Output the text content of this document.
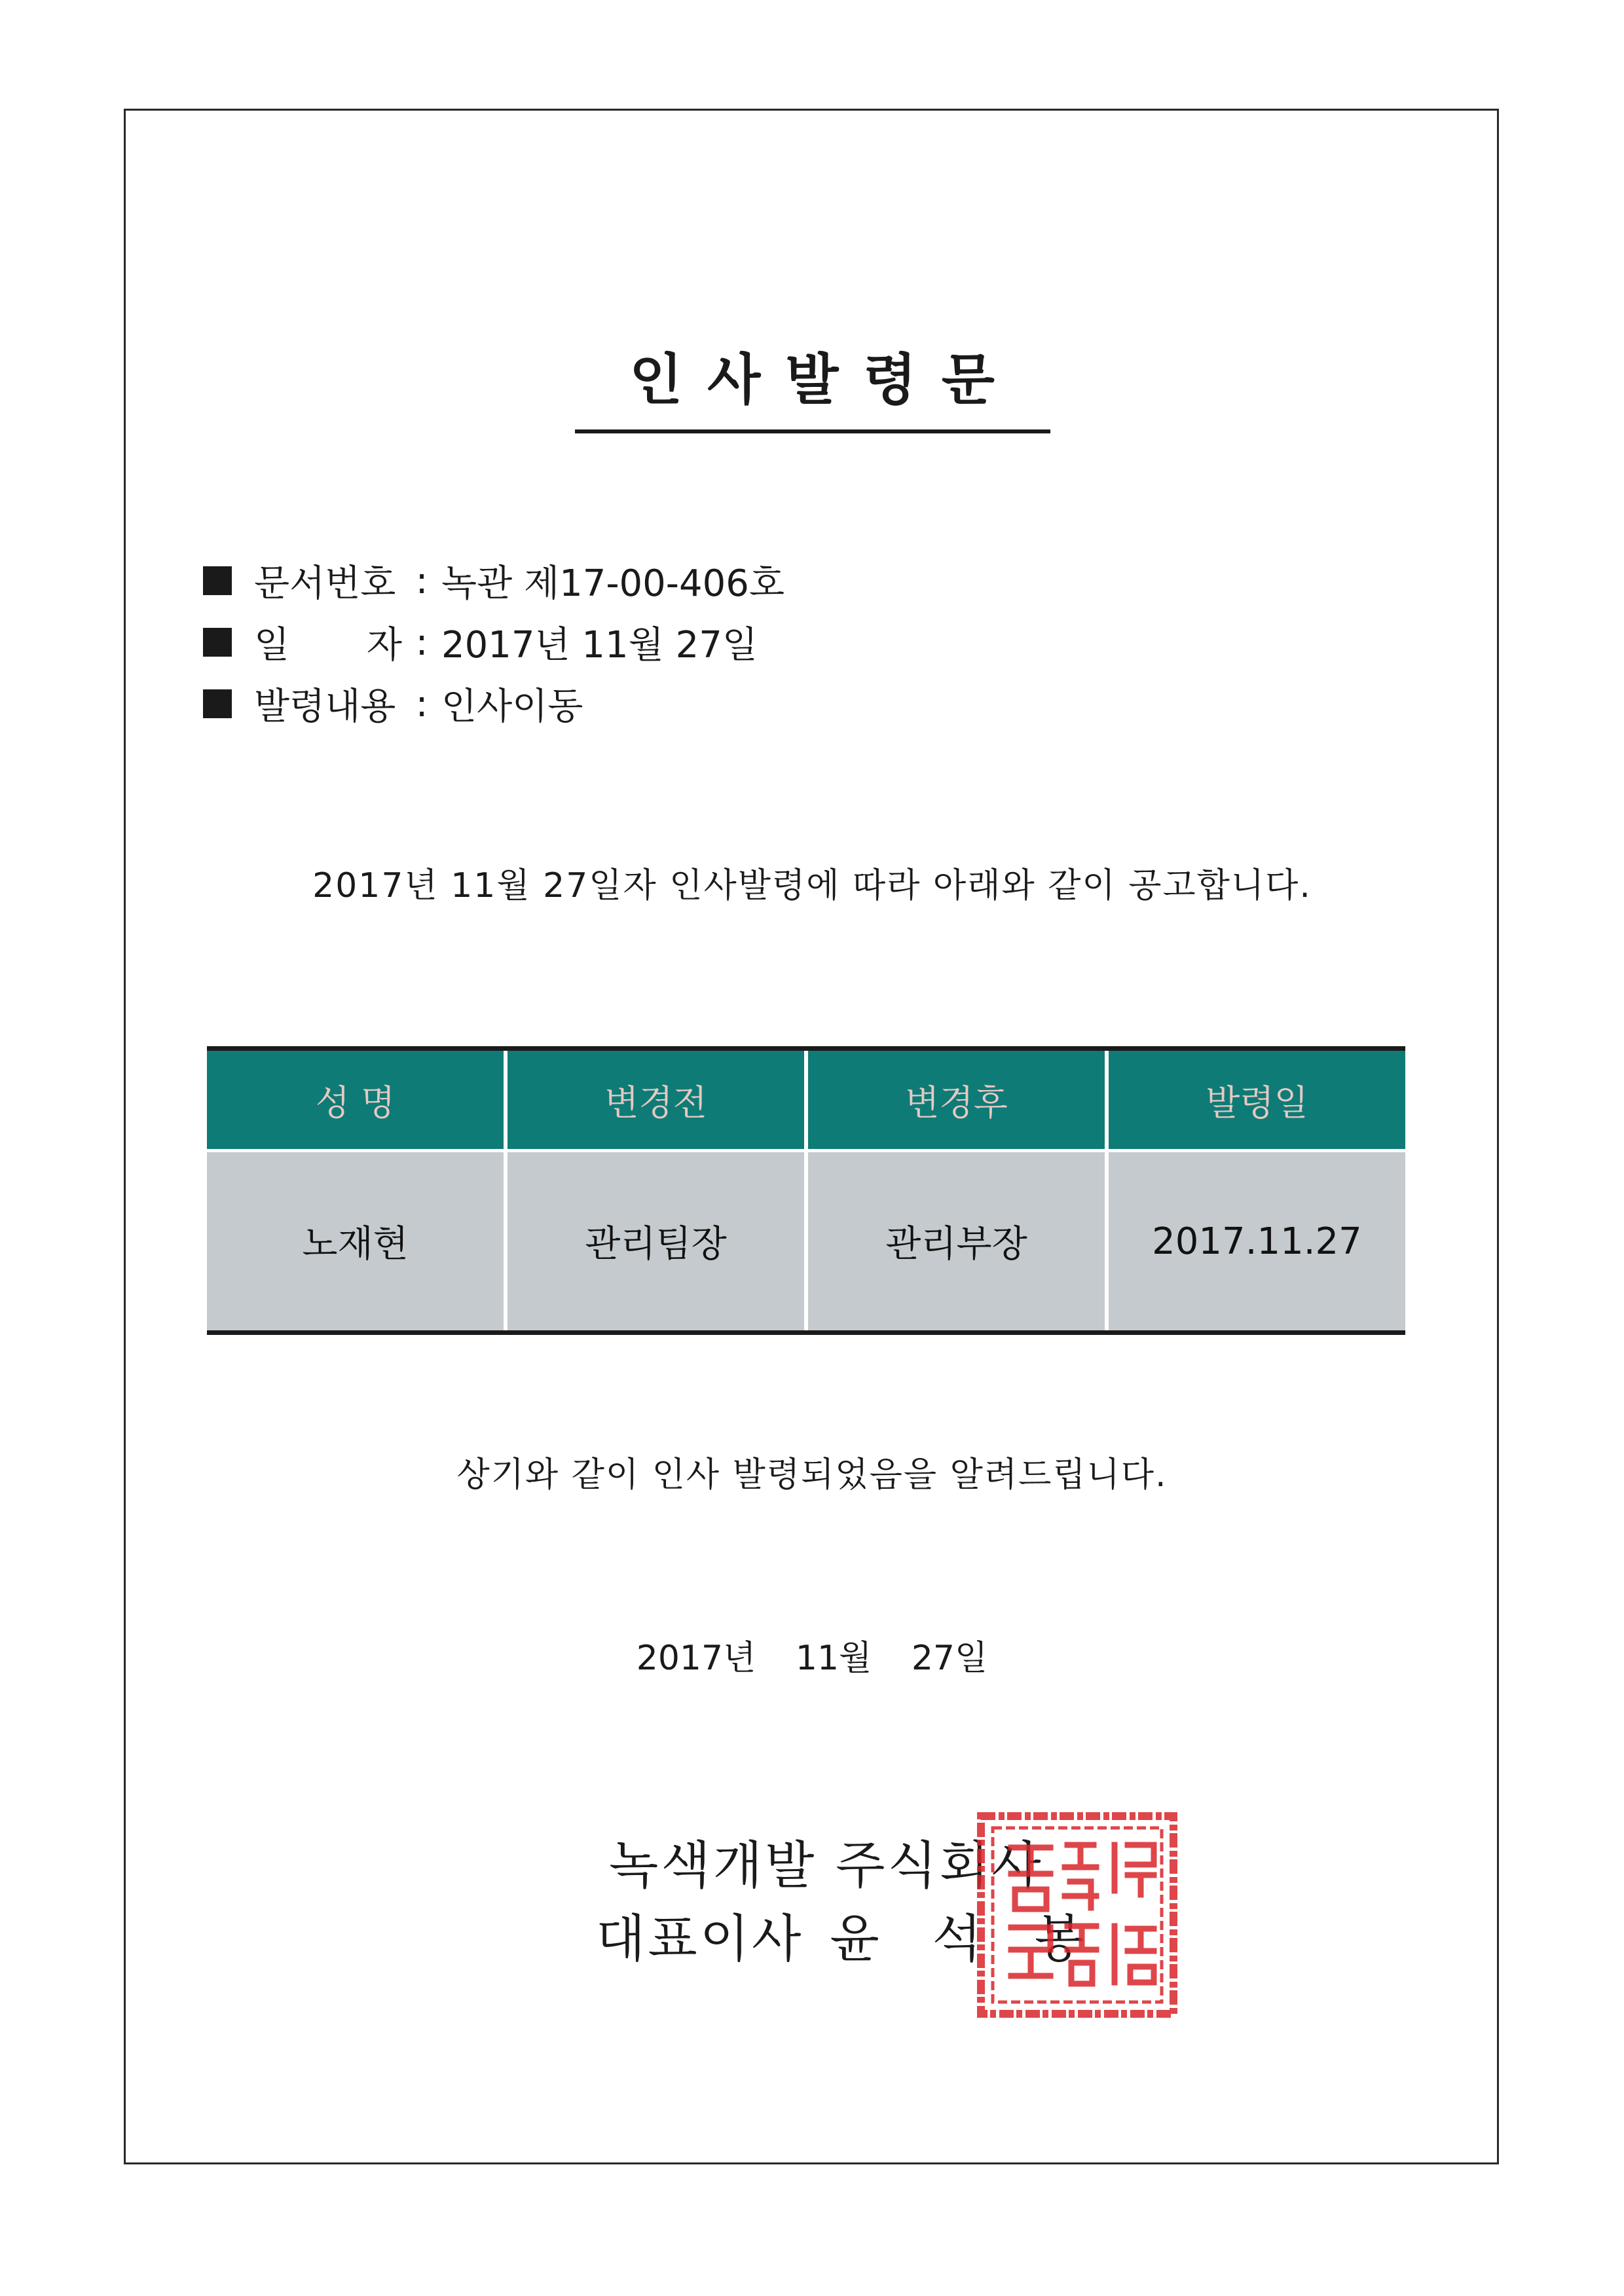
인사발령문
문서번호 : 녹관 제17-00-406호
일 자 : 2017년 11월 27일
발령내용 : 인사이동
2017년 11월 27일자 인사발령에 따라 아래와 같이 공고합니다.
성 명	변경전	변경후	발령일
노재현	관리팀장	관리부장	2017.11.27
상기와 같이 인사 발령되었음을 알려드립니다.
2017년 11월 27일
녹색개발 주식회사
대표이사 윤 석 봉
